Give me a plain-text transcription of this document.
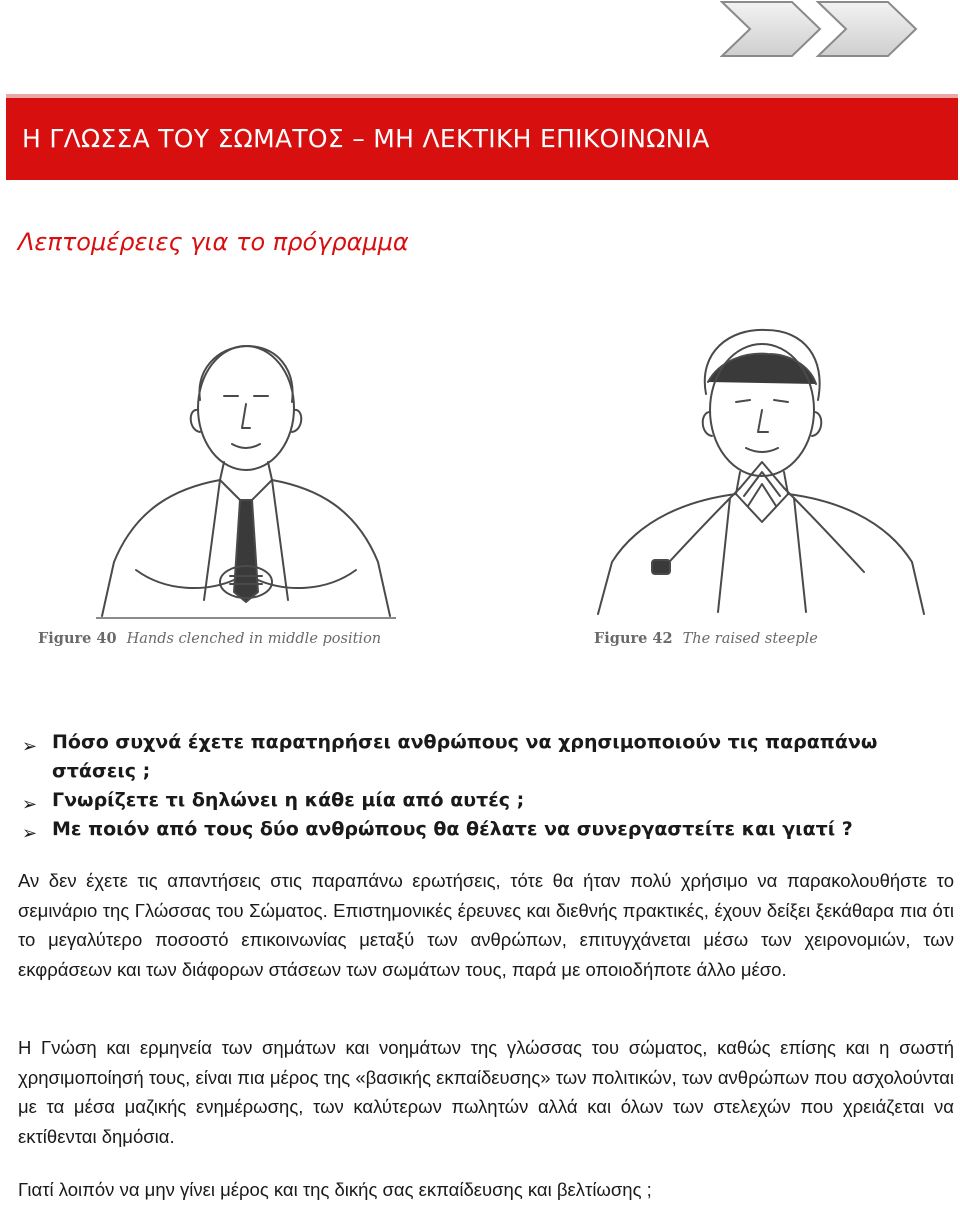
Η ΓΛΩΣΣΑ ΤΟΥ ΣΩΜΑΤΟΣ – ΜΗ ΛΕΚΤΙΚΗ ΕΠΙΚΟΙΝΩΝΙΑ
Λεπτομέρειες για το πρόγραμμα
Figure 40 Hands clenched in middle position	Figure 42 The raised steeple
➢ Πόσο συχνά έχετε παρατηρήσει ανθρώπους να χρησιμοποιούν τις παραπάνω στάσεις ;
➢ Γνωρίζετε τι δηλώνει η κάθε μία από αυτές ;
➢ Με ποιόν από τους δύο ανθρώπους θα θέλατε να συνεργαστείτε και γιατί ?

Αν δεν έχετε τις απαντήσεις στις παραπάνω ερωτήσεις, τότε θα ήταν πολύ χρήσιμο να παρακολουθήστε το σεμινάριο της Γλώσσας του Σώματος. Επιστημονικές έρευνες και διεθνής πρακτικές, έχουν δείξει ξεκάθαρα πια ότι το μεγαλύτερο ποσοστό επικοινωνίας μεταξύ των ανθρώπων, επιτυγχάνεται μέσω των χειρονομιών, των εκφράσεων και των διάφορων στάσεων των σωμάτων τους, παρά με οποιοδήποτε άλλο μέσο.

Η Γνώση και ερμηνεία των σημάτων και νοημάτων της γλώσσας του σώματος, καθώς επίσης και η σωστή χρησιμοποίησή τους, είναι πια μέρος της «βασικής εκπαίδευσης» των πολιτικών, των ανθρώπων που ασχολούνται με τα μέσα μαζικής ενημέρωσης, των καλύτερων πωλητών αλλά και όλων των στελεχών που χρειάζεται να εκτίθενται δημόσια.

Γιατί λοιπόν να μην γίνει μέρος και της δικής σας εκπαίδευσης και βελτίωσης ;
